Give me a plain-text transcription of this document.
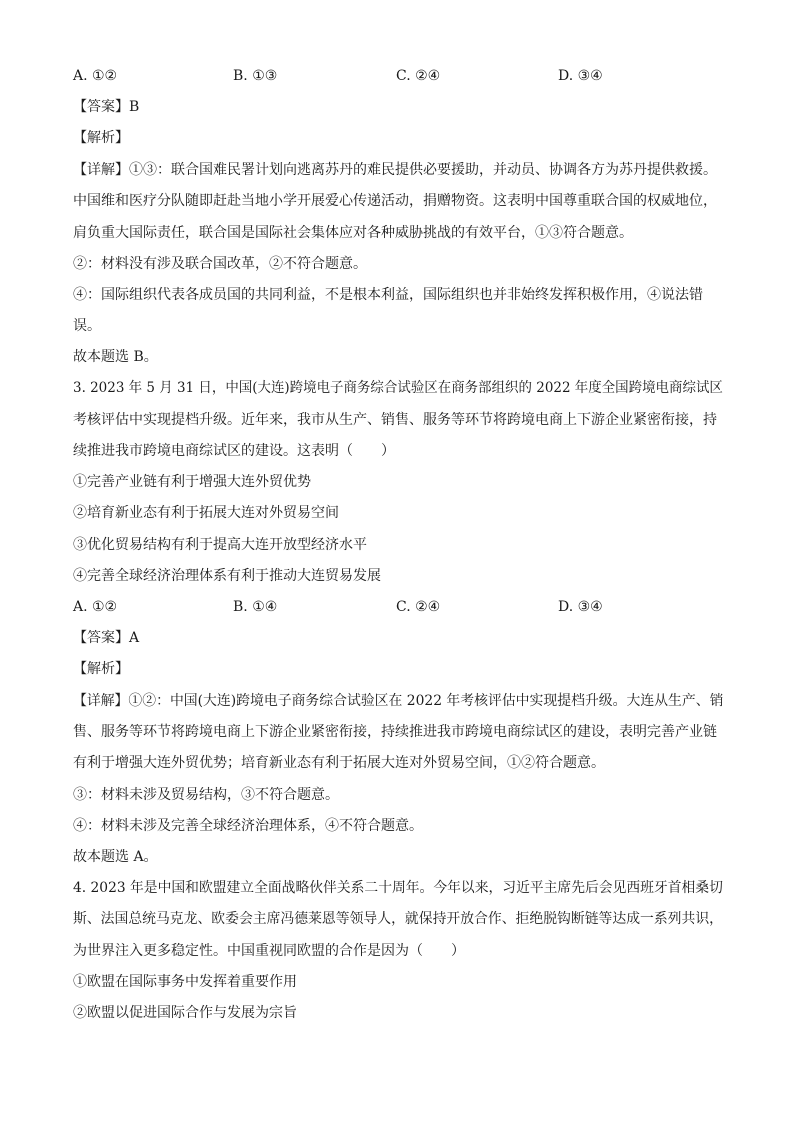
A. ①②	B. ①③	C. ②④	D. ③④
【答案】B
【解析】
【详解】①③：联合国难民署计划向逃离苏丹的难民提供必要援助，并动员、协调各方为苏丹提供救援。
中国维和医疗分队随即赶赴当地小学开展爱心传递活动，捐赠物资。这表明中国尊重联合国的权威地位，
肩负重大国际责任，联合国是国际社会集体应对各种威胁挑战的有效平台，①③符合题意。
②：材料没有涉及联合国改革，②不符合题意。
④：国际组织代表各成员国的共同利益，不是根本利益，国际组织也并非始终发挥积极作用，④说法错
误。
故本题选 B。
3. 2023 年 5 月 31 日，中国(大连)跨境电子商务综合试验区在商务部组织的 2022 年度全国跨境电商综试区
考核评估中实现提档升级。近年来，我市从生产、销售、服务等环节将跨境电商上下游企业紧密衔接，持
续推进我市跨境电商综试区的建设。这表明（　　）
①完善产业链有利于增强大连外贸优势
②培育新业态有利于拓展大连对外贸易空间
③优化贸易结构有利于提高大连开放型经济水平
④完善全球经济治理体系有利于推动大连贸易发展
A. ①②	B. ①④	C. ②④	D. ③④
【答案】A
【解析】
【详解】①②：中国(大连)跨境电子商务综合试验区在 2022 年考核评估中实现提档升级。大连从生产、销
售、服务等环节将跨境电商上下游企业紧密衔接，持续推进我市跨境电商综试区的建设，表明完善产业链
有利于增强大连外贸优势；培育新业态有利于拓展大连对外贸易空间，①②符合题意。
③：材料未涉及贸易结构，③不符合题意。
④：材料未涉及完善全球经济治理体系，④不符合题意。
故本题选 A。
4. 2023 年是中国和欧盟建立全面战略伙伴关系二十周年。今年以来，习近平主席先后会见西班牙首相桑切
斯、法国总统马克龙、欧委会主席冯德莱恩等领导人，就保持开放合作、拒绝脱钩断链等达成一系列共识，
为世界注入更多稳定性。中国重视同欧盟的合作是因为（　　）
①欧盟在国际事务中发挥着重要作用
②欧盟以促进国际合作与发展为宗旨
